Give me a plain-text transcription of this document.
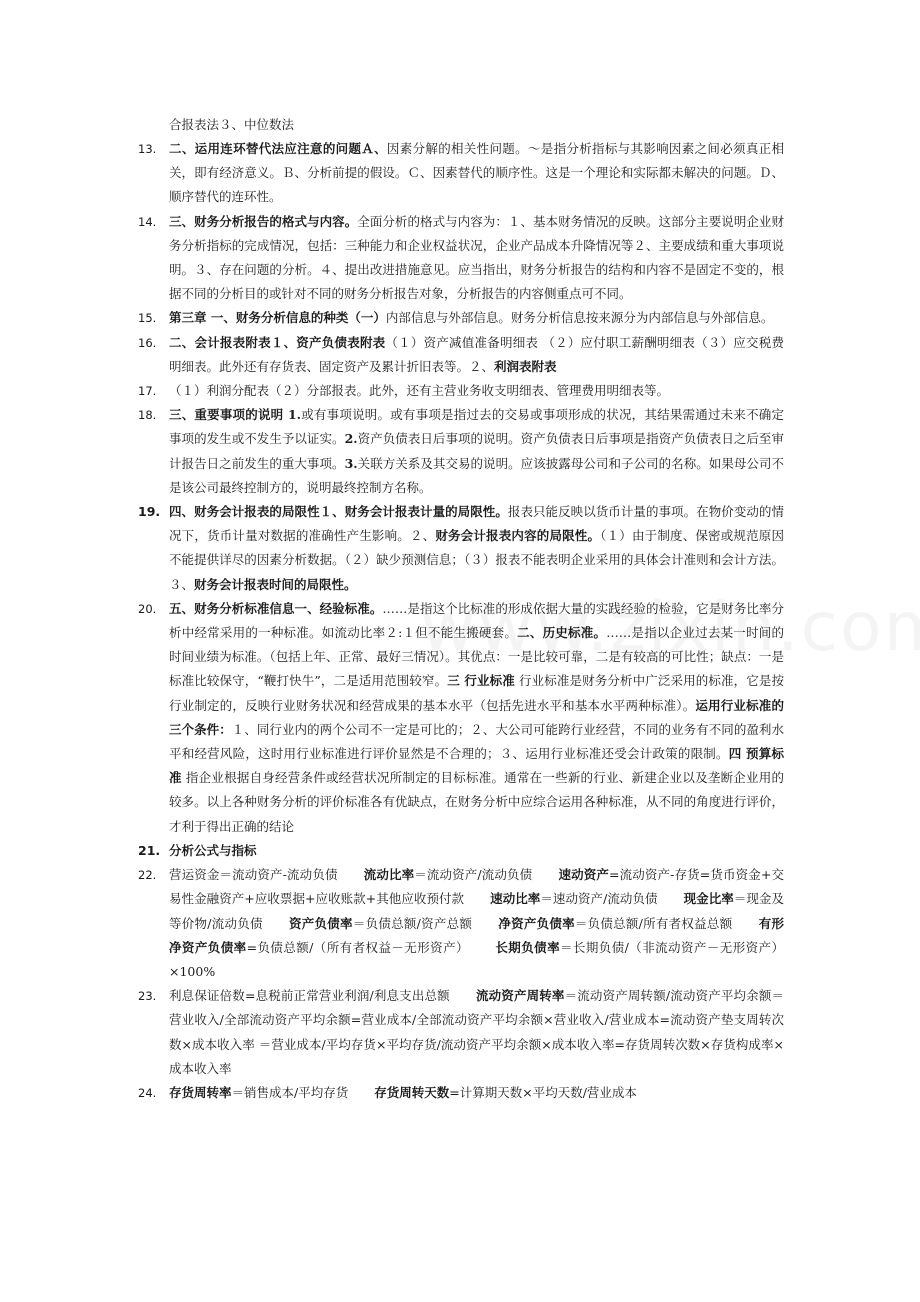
合报表法３、中位数法
13.	二、运用连环替代法应注意的问题Ａ、因素分解的相关性问题。～是指分析指标与其影响因素之间必须真正相关，即有经济意义。Ｂ、分析前提的假设。Ｃ、因素替代的顺序性。这是一个理论和实际都未解决的问题。Ｄ、顺序替代的连环性。
14.	三、财务分析报告的格式与内容。全面分析的格式与内容为：１、基本财务情况的反映。这部分主要说明企业财务分析指标的完成情况，包括：三种能力和企业权益状况，企业产品成本升降情况等２、主要成绩和重大事项说明。３、存在问题的分析。４、提出改进措施意见。应当指出，财务分析报告的结构和内容不是固定不变的，根据不同的分析目的或针对不同的财务分析报告对象，分析报告的内容侧重点可不同。
15.	第三章 一、财务分析信息的种类（一）内部信息与外部信息。财务分析信息按来源分为内部信息与外部信息。
16.	二、会计报表附表１、资产负债表附表（１）资产减值准备明细表 （２）应付职工薪酬明细表（３）应交税费明细表。此外还有存货表、固定资产及累计折旧表等。２、利润表附表
17.	（１）利润分配表（２）分部报表。此外，还有主营业务收支明细表、管理费用明细表等。
18.	三、重要事项的说明 1.或有事项说明。或有事项是指过去的交易或事项形成的状况，其结果需通过未来不确定事项的发生或不发生予以证实。2.资产负债表日后事项的说明。资产负债表日后事项是指资产负债表日之后至审计报告日之前发生的重大事项。3.关联方关系及其交易的说明。应该披露母公司和子公司的名称。如果母公司不是该公司最终控制方的，说明最终控制方名称。
19. 四、财务会计报表的局限性１、财务会计报表计量的局限性。报表只能反映以货币计量的事项。在物价变动的情况下，货币计量对数据的准确性产生影响。２、财务会计报表内容的局限性。（１）由于制度、保密或规范原因不能提供详尽的因素分析数据。（２）缺少预测信息；（３）报表不能表明企业采用的具体会计准则和会计方法。３、财务会计报表时间的局限性。
20.	五、财务分析标准信息一、经验标准。……是指这个比标准的形成依据大量的实践经验的检验，它是财务比率分析中经常采用的一种标准。如流动比率２:１但不能生搬硬套。二、历史标准。……是指以企业过去某一时间的时间业绩为标准。（包括上年、正常、最好三情况）。其优点：一是比较可靠，二是有较高的可比性；缺点：一是标准比较保守，“鞭打快牛”，二是适用范围较窄。三 行业标准 行业标准是财务分析中广泛采用的标准，它是按行业制定的，反映行业财务状况和经营成果的基本水平（包括先进水平和基本水平两种标准）。运用行业标准的三个条件：１、同行业内的两个公司不一定是可比的；２、大公司可能跨行业经营，不同的业务有不同的盈利水平和经营风险，这时用行业标准进行评价显然是不合理的；３、运用行业标准还受会计政策的限制。四 预算标准 指企业根据自身经营条件或经营状况所制定的目标标准。通常在一些新的行业、新建企业以及垄断企业用的较多。以上各种财务分析的评价标准各有优缺点，在财务分析中应综合运用各种标准，从不同的角度进行评价，才利于得出正确的结论
21. 分析公式与指标
22.	营运资金＝流动资产-流动负债 流动比率＝流动资产/流动负债 速动资产=流动资产-存货=货币资金+交易性金融资产+应收票据+应收账款+其他应收预付款 速动比率＝速动资产/流动负债 现金比率＝现金及等价物/流动负债 资产负债率＝负债总额/资产总额 净资产负债率＝负债总额/所有者权益总额 有形净资产负债率=负债总额/（所有者权益－无形资产） 长期负债率＝长期负债/（非流动资产－无形资产）×100%
23.	利息保证倍数=息税前正常营业利润/利息支出总额 流动资产周转率＝流动资产周转额/流动资产平均余额＝营业收入/全部流动资产平均余额=营业成本/全部流动资产平均余额×营业收入/营业成本=流动资产垫支周转次数×成本收入率 ＝营业成本/平均存货×平均存货/流动资产平均余额×成本收入率=存货周转次数×存货构成率×成本收入率
24.	存货周转率＝销售成本/平均存货 存货周转天数=计算期天数×平均天数/营业成本
